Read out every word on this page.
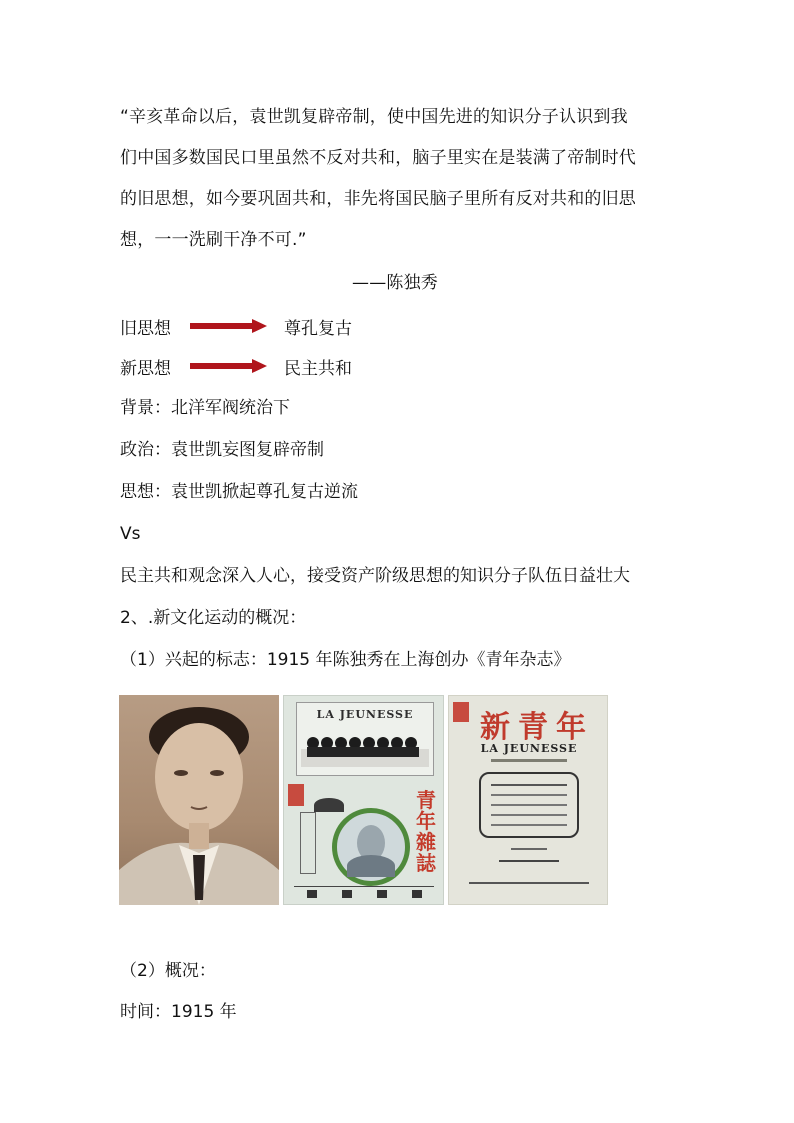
“辛亥革命以后，袁世凯复辟帝制，使中国先进的知识分子认识到我
们中国多数国民口里虽然不反对共和，脑子里实在是装满了帝制时代
的旧思想，如今要巩固共和，非先将国民脑子里所有反对共和的旧思
想，一一洗刷干净不可.”
——陈独秀
旧思想	尊孔复古
新思想	民主共和
背景：北洋军阀统治下
政治：袁世凯妄图复辟帝制
思想：袁世凯掀起尊孔复古逆流
Vs
民主共和观念深入人心，接受资产阶级思想的知识分子队伍日益壮大
2、.新文化运动的概况：
（1）兴起的标志：1915 年陈独秀在上海创办《青年杂志》
LA JEUNESSE
青年雜誌
新青年
LA JEUNESSE
（2）概况：
时间：1915 年
